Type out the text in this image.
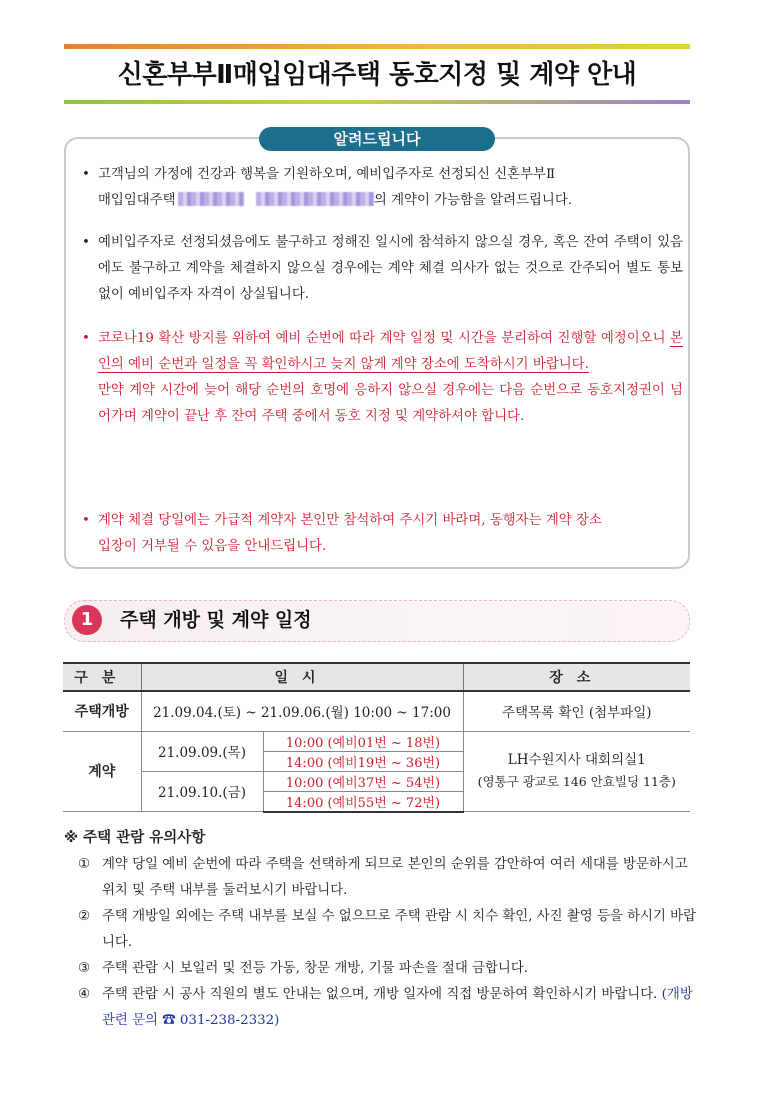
신혼부부Ⅱ매입임대주택 동호지정 및 계약 안내
알려드립니다
• 고객님의 가정에 건강과 행복을 기원하오며, 예비입주자로 선정되신 신혼부부Ⅱ
매입임대주택	의 계약이 가능함을 알려드립니다.
• 예비입주자로 선정되셨음에도 불구하고 정해진 일시에 참석하지 않으실 경우, 혹은 잔여 주택이 있음에도 불구하고 계약을 체결하지 않으실 경우에는 계약 체결 의사가 없는 것으로 간주되어 별도 통보 없이 예비입주자 자격이 상실됩니다.
• 코로나19 확산 방지를 위하여 예비 순번에 따라 계약 일정 및 시간을 분리하여 진행할 예정이오니 본인의 예비 순번과 일정을 꼭 확인하시고 늦지 않게 계약 장소에 도착하시기 바랍니다.
만약 계약 시간에 늦어 해당 순번의 호명에 응하지 않으실 경우에는 다음 순번으로 동호지정권이 넘어가며 계약이 끝난 후 잔여 주택 중에서 동호 지정 및 계약하셔야 합니다.
• 계약 체결 당일에는 가급적 계약자 본인만 참석하여 주시기 바라며, 동행자는 계약 장소 입장이 거부될 수 있음을 안내드립니다.
1	주택 개방 및 계약 일정
구분	일시		장소
주택개방	21.09.04.(토) ~ 21.09.06.(월) 10:00 ~ 17:00		주택목록 확인 (첨부파일)
계약	21.09.09.(목)	10:00 (예비01번 ~ 18번)	LH수원지사 대회의실1
(영통구 광교로 146 안효빌딩 11층)

		14:00 (예비19번 ~ 36번)	
	21.09.10.(금)	10:00 (예비37번 ~ 54번)	
		14:00 (예비55번 ~ 72번)	
※ 주택 관람 유의사항
① 계약 당일 예비 순번에 따라 주택을 선택하게 되므로 본인의 순위를 감안하여 여러 세대를 방문하시고 위치 및 주택 내부를 둘러보시기 바랍니다.
② 주택 개방일 외에는 주택 내부를 보실 수 없으므로 주택 관람 시 치수 확인, 사진 촬영 등을 하시기 바랍니다.
③ 주택 관람 시 보일러 및 전등 가동, 창문 개방, 기물 파손을 절대 금합니다.
④ 주택 관람 시 공사 직원의 별도 안내는 없으며, 개방 일자에 직접 방문하여 확인하시기 바랍니다. (개방 관련 문의 ☎ 031-238-2332)
